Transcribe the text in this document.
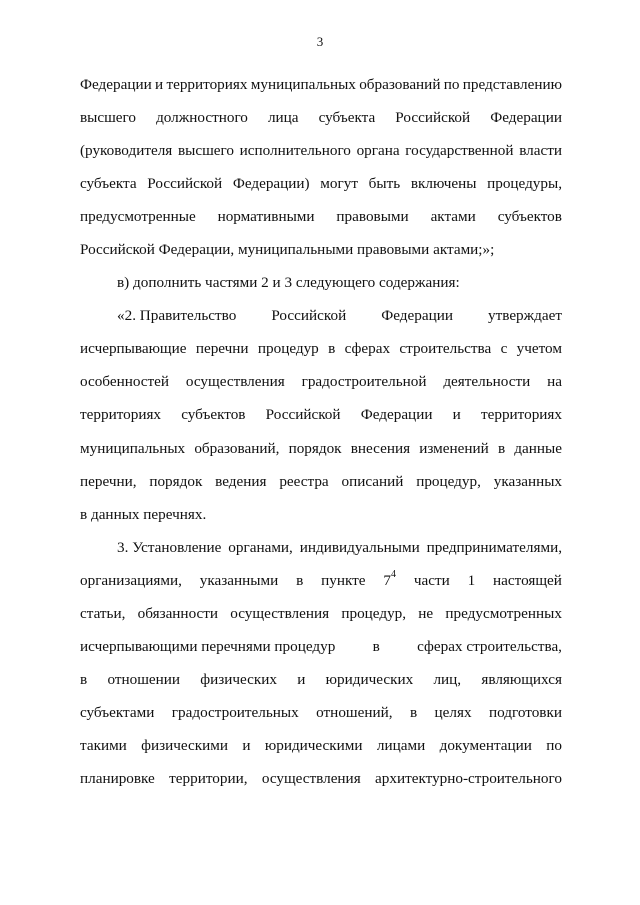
3
Федерации и территориях муниципальных образований по представлению
высшего должностного лица субъекта Российской Федерации
(руководителя высшего исполнительного органа государственной власти
субъекта Российской Федерации) могут быть включены процедуры,
предусмотренные нормативными правовыми актами субъектов
Российской Федерации, муниципальными правовыми актами;»;
в) дополнить частями 2 и 3 следующего содержания:
«2. Правительство Российской Федерации утверждает
исчерпывающие перечни процедур в сферах строительства с учетом
особенностей осуществления градостроительной деятельности на
территориях субъектов Российской Федерации и территориях
муниципальных образований, порядок внесения изменений в данные
перечни, порядок ведения реестра описаний процедур, указанных
в данных перечнях.
3. Установление органами, индивидуальными предпринимателями,
организациями, указанными в пункте $7^4$ части 1 настоящей
статьи, обязанности осуществления процедур, не предусмотренных
исчерпывающими перечнями процедур в сферах строительства,
в отношении физических и юридических лиц, являющихся
субъектами градостроительных отношений, в целях подготовки
такими физическими и юридическими лицами документации по
планировке территории, осуществления архитектурно-строительного
